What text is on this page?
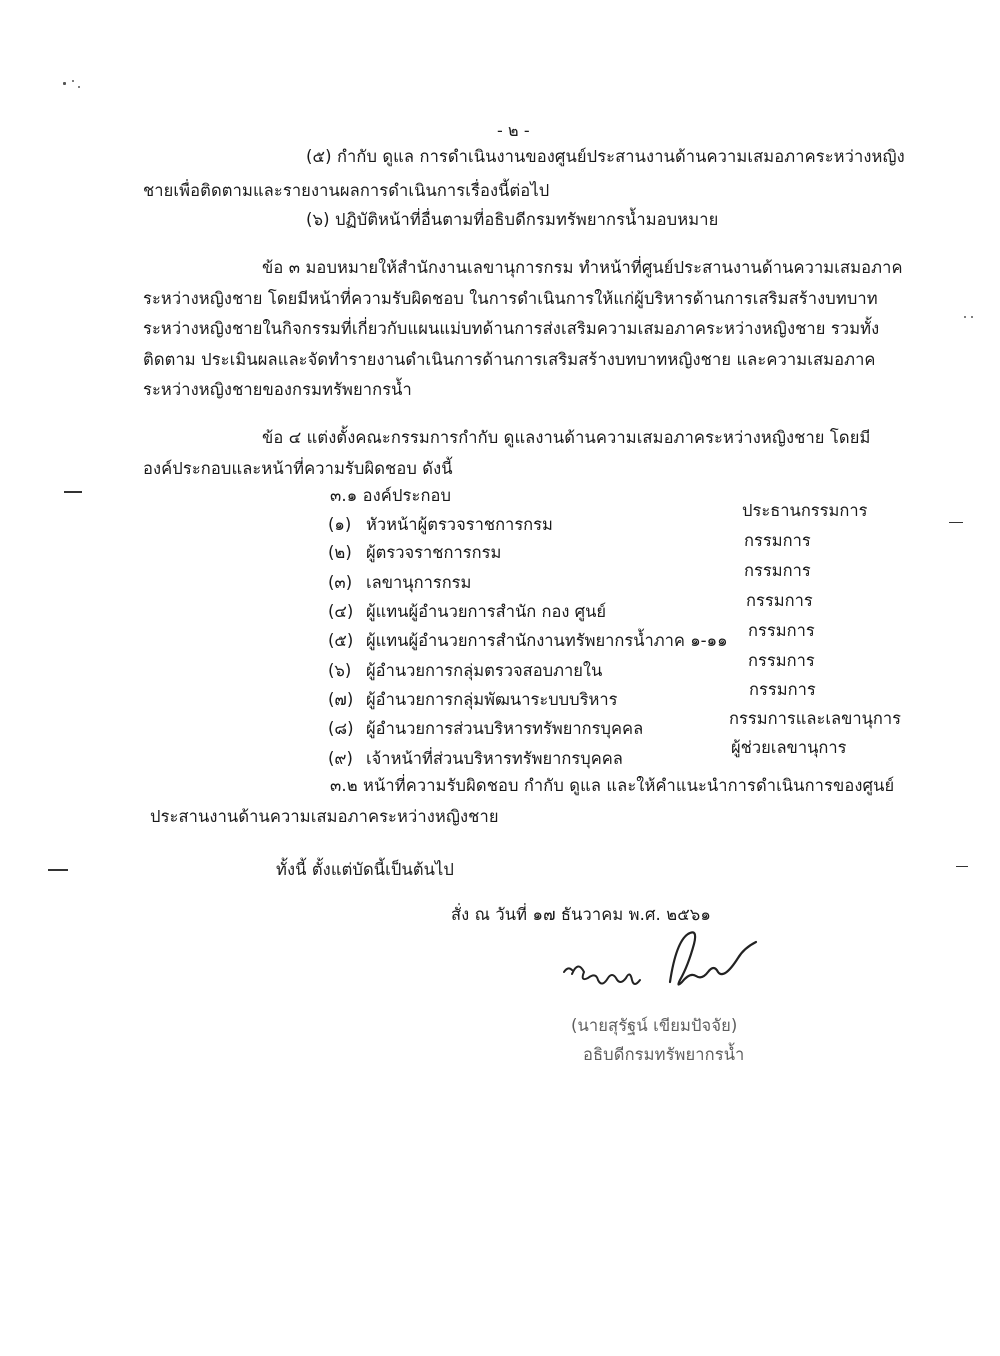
- ๒ -
(๕) กำกับ ดูแล การดำเนินงานของศูนย์ประสานงานด้านความเสมอภาคระหว่างหญิง
ชายเพื่อติดตามและรายงานผลการดำเนินการเรื่องนี้ต่อไป
(๖) ปฏิบัติหน้าที่อื่นตามที่อธิบดีกรมทรัพยากรน้ำมอบหมาย
ข้อ ๓ มอบหมายให้สำนักงานเลขานุการกรม ทำหน้าที่ศูนย์ประสานงานด้านความเสมอภาค
ระหว่างหญิงชาย โดยมีหน้าที่ความรับผิดชอบ ในการดำเนินการให้แก่ผู้บริหารด้านการเสริมสร้างบทบาท
ระหว่างหญิงชายในกิจกรรมที่เกี่ยวกับแผนแม่บทด้านการส่งเสริมความเสมอภาคระหว่างหญิงชาย รวมทั้ง
ติดตาม ประเมินผลและจัดทำรายงานดำเนินการด้านการเสริมสร้างบทบาทหญิงชาย และความเสมอภาค
ระหว่างหญิงชายของกรมทรัพยากรน้ำ
ข้อ ๔ แต่งตั้งคณะกรรมการกำกับ ดูแลงานด้านความเสมอภาคระหว่างหญิงชาย โดยมี
องค์ประกอบและหน้าที่ความรับผิดชอบ ดังนี้
๓.๑ องค์ประกอบ
(๑) หัวหน้าผู้ตรวจราชการกรม
ประธานกรรมการ
(๒) ผู้ตรวจราชการกรม
กรรมการ
(๓) เลขานุการกรม
กรรมการ
(๔) ผู้แทนผู้อำนวยการสำนัก กอง ศูนย์
กรรมการ
(๕) ผู้แทนผู้อำนวยการสำนักงานทรัพยากรน้ำภาค ๑-๑๑
กรรมการ
(๖) ผู้อำนวยการกลุ่มตรวจสอบภายใน
กรรมการ
(๗) ผู้อำนวยการกลุ่มพัฒนาระบบบริหาร
กรรมการ
(๘) ผู้อำนวยการส่วนบริหารทรัพยากรบุคคล
กรรมการและเลขานุการ
(๙) เจ้าหน้าที่ส่วนบริหารทรัพยากรบุคคล
ผู้ช่วยเลขานุการ
๓.๒ หน้าที่ความรับผิดชอบ กำกับ ดูแล และให้คำแนะนำการดำเนินการของศูนย์
ประสานงานด้านความเสมอภาคระหว่างหญิงชาย
ทั้งนี้ ตั้งแต่บัดนี้เป็นต้นไป
สั่ง ณ วันที่ ๑๗ ธันวาคม พ.ศ. ๒๕๖๑
(นายสุรัฐน์ เขียมปัจจัย)
อธิบดีกรมทรัพยากรน้ำ
